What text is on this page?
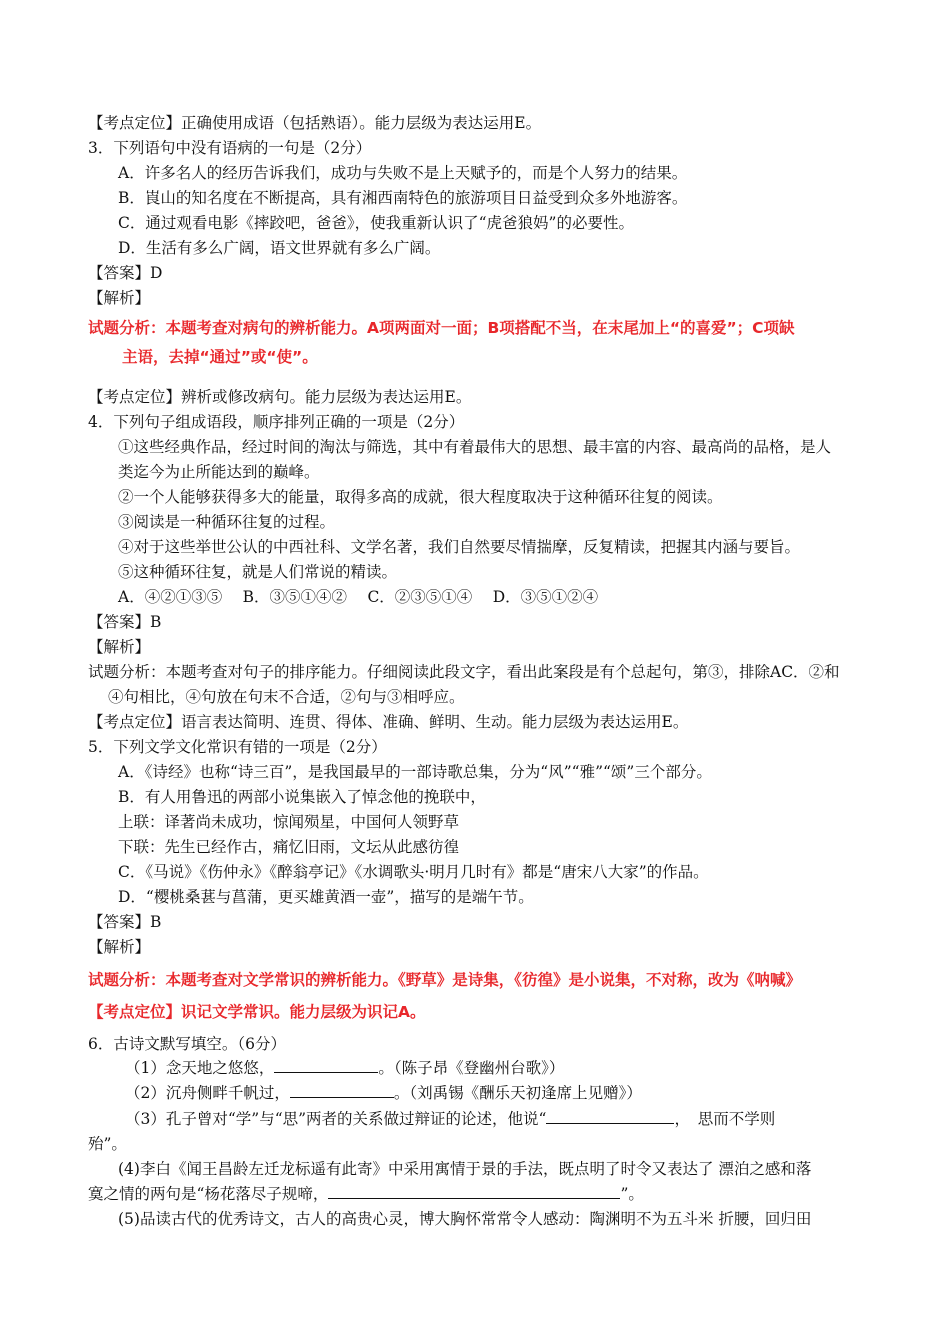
【考点定位】正确使用成语（包括熟语）。能力层级为表达运用E。
3．下列语句中没有语病的一句是（2分）
A．许多名人的经历告诉我们，成功与失败不是上天赋予的，而是个人努力的结果。
B．崀山的知名度在不断提高，具有湘西南特色的旅游项目日益受到众多外地游客。
C．通过观看电影《摔跤吧，爸爸》，使我重新认识了“虎爸狼妈”的必要性。
D．生活有多么广阔，语文世界就有多么广阔。
【答案】D
【解析】
试题分析：本题考查对病句的辨析能力。A项两面对一面；B项搭配不当，在末尾加上“的喜爱”；C项缺
主语，去掉“通过”或“使”。
【考点定位】辨析或修改病句。能力层级为表达运用E。
4．下列句子组成语段，顺序排列正确的一项是（2分）
①这些经典作品，经过时间的淘汰与筛选，其中有着最伟大的思想、最丰富的内容、最高尚的品格，是人
类迄今为止所能达到的巅峰。
②一个人能够获得多大的能量，取得多高的成就，很大程度取决于这种循环往复的阅读。
③阅读是一种循环往复的过程。
④对于这些举世公认的中西社科、文学名著，我们自然要尽情揣摩，反复精读，把握其内涵与要旨。
⑤这种循环往复，就是人们常说的精读。
A．④②①③⑤　 B．③⑤①④②　 C．②③⑤①④　 D．③⑤①②④
【答案】B
【解析】
试题分析：本题考查对句子的排序能力。仔细阅读此段文字，看出此案段是有个总起句，第③，排除AC．②和
④句相比，④句放在句末不合适，②句与③相呼应。
【考点定位】语言表达简明、连贯、得体、准确、鲜明、生动。能力层级为表达运用E。
5．下列文学文化常识有错的一项是（2分）
A．《诗经》也称“诗三百”，是我国最早的一部诗歌总集，分为“风”“雅”“颂”三个部分。
B．有人用鲁迅的两部小说集嵌入了悼念他的挽联中，
上联：译著尚未成功，惊闻殒星，中国何人领野草
下联：先生已经作古，痛忆旧雨，文坛从此感彷徨
C．《马说》《伤仲永》《醉翁亭记》《水调歌头·明月几时有》都是“唐宋八大家”的作品。
D．“樱桃桑葚与菖蒲，更买雄黄酒一壶”，描写的是端午节。
【答案】B
【解析】
试题分析：本题考查对文学常识的辨析能力。《野草》是诗集，《彷徨》是小说集，不对称，改为《呐喊》
【考点定位】识记文学常识。能力层级为识记A。
6．古诗文默写填空。（6分）
（1）念天地之悠悠，	。（陈子昂《登幽州台歌》）
（2）沉舟侧畔千帆过，	。（刘禹锡《酬乐天初逢席上见赠》）
（3）孔子曾对“学”与“思”两者的关系做过辩证的论述，他说“	，　思而不学则
殆”。
(4)李白《闻王昌龄左迁龙标遥有此寄》中采用寓情于景的手法，既点明了时令又表达了 漂泊之感和落
寞之情的两句是“杨花落尽子规啼，	”。
(5)品读古代的优秀诗文，古人的高贵心灵，博大胸怀常常令人感动：陶渊明不为五斗米 折腰，回归田
